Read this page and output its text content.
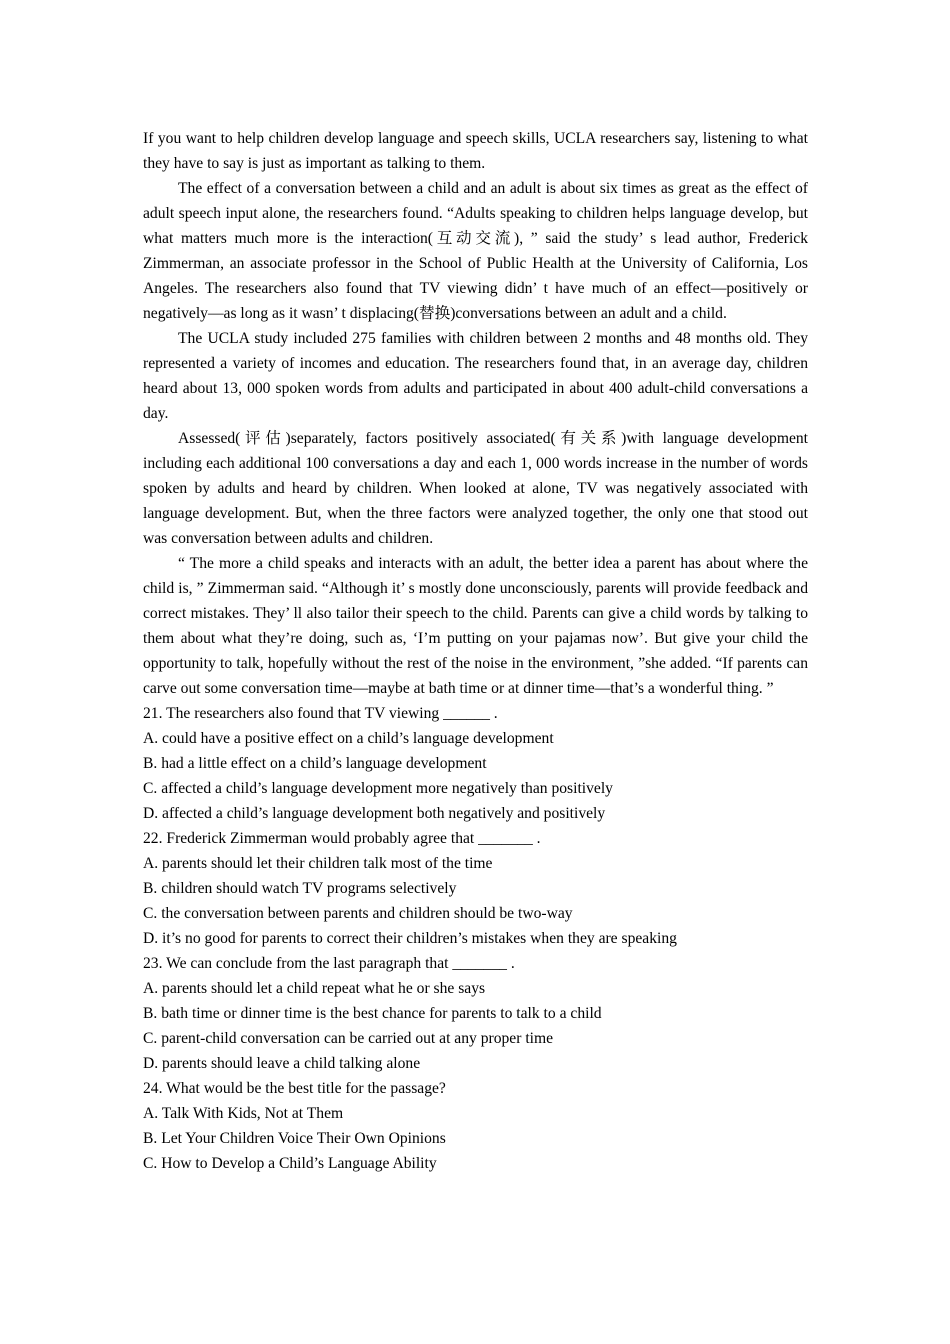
If you want to help children develop language and speech skills, UCLA researchers say, listening to what they have to say is just as important as talking to them.

The effect of a conversation between a child and an adult is about six times as great as the effect of adult speech input alone, the researchers found. “Adults speaking to children helps language develop, but what matters much more is the interaction(互动交流), ” said the study’ s lead author, Frederick Zimmerman, an associate professor in the School of Public Health at the University of California, Los Angeles. The researchers also found that TV viewing didn’ t have much of an effect—positively or negatively—as long as it wasn’ t displacing(替换)conversations between an adult and a child.

The UCLA study included 275 families with children between 2 months and 48 months old. They represented a variety of incomes and education. The researchers found that, in an average day, children heard about 13, 000 spoken words from adults and participated in about 400 adult-child conversations a day.

Assessed(评估)separately, factors positively associated(有关系)with language development including each additional 100 conversations a day and each 1, 000 words increase in the number of words spoken by adults and heard by children. When looked at alone, TV was negatively associated with language development. But, when the three factors were analyzed together, the only one that stood out was conversation between adults and children.

“ The more a child speaks and interacts with an adult, the better idea a parent has about where the child is, ” Zimmerman said. “Although it’ s mostly done unconsciously, parents will provide feedback and correct mistakes. They’ ll also tailor their speech to the child. Parents can give a child words by talking to them about what they’re doing, such as, ‘I’m putting on your pajamas now’. But give your child the opportunity to talk, hopefully without the rest of the noise in the environment, ”she added. “If parents can carve out some conversation time—maybe at bath time or at dinner time—that’s a wonderful thing. ”

21. The researchers also found that TV viewing ______ .

A. could have a positive effect on a child’s language development

B. had a little effect on a child’s language development

C. affected a child’s language development more negatively than positively

D. affected a child’s language development both negatively and positively

22. Frederick Zimmerman would probably agree that _______ .

A. parents should let their children talk most of the time

B. children should watch TV programs selectively

C. the conversation between parents and children should be two-way

D. it’s no good for parents to correct their children’s mistakes when they are speaking

23. We can conclude from the last paragraph that _______ .

A. parents should let a child repeat what he or she says

B. bath time or dinner time is the best chance for parents to talk to a child

C. parent-child conversation can be carried out at any proper time

D. parents should leave a child talking alone

24. What would be the best title for the passage?

A. Talk With Kids, Not at Them

B. Let Your Children Voice Their Own Opinions

C. How to Develop a Child’s Language Ability
